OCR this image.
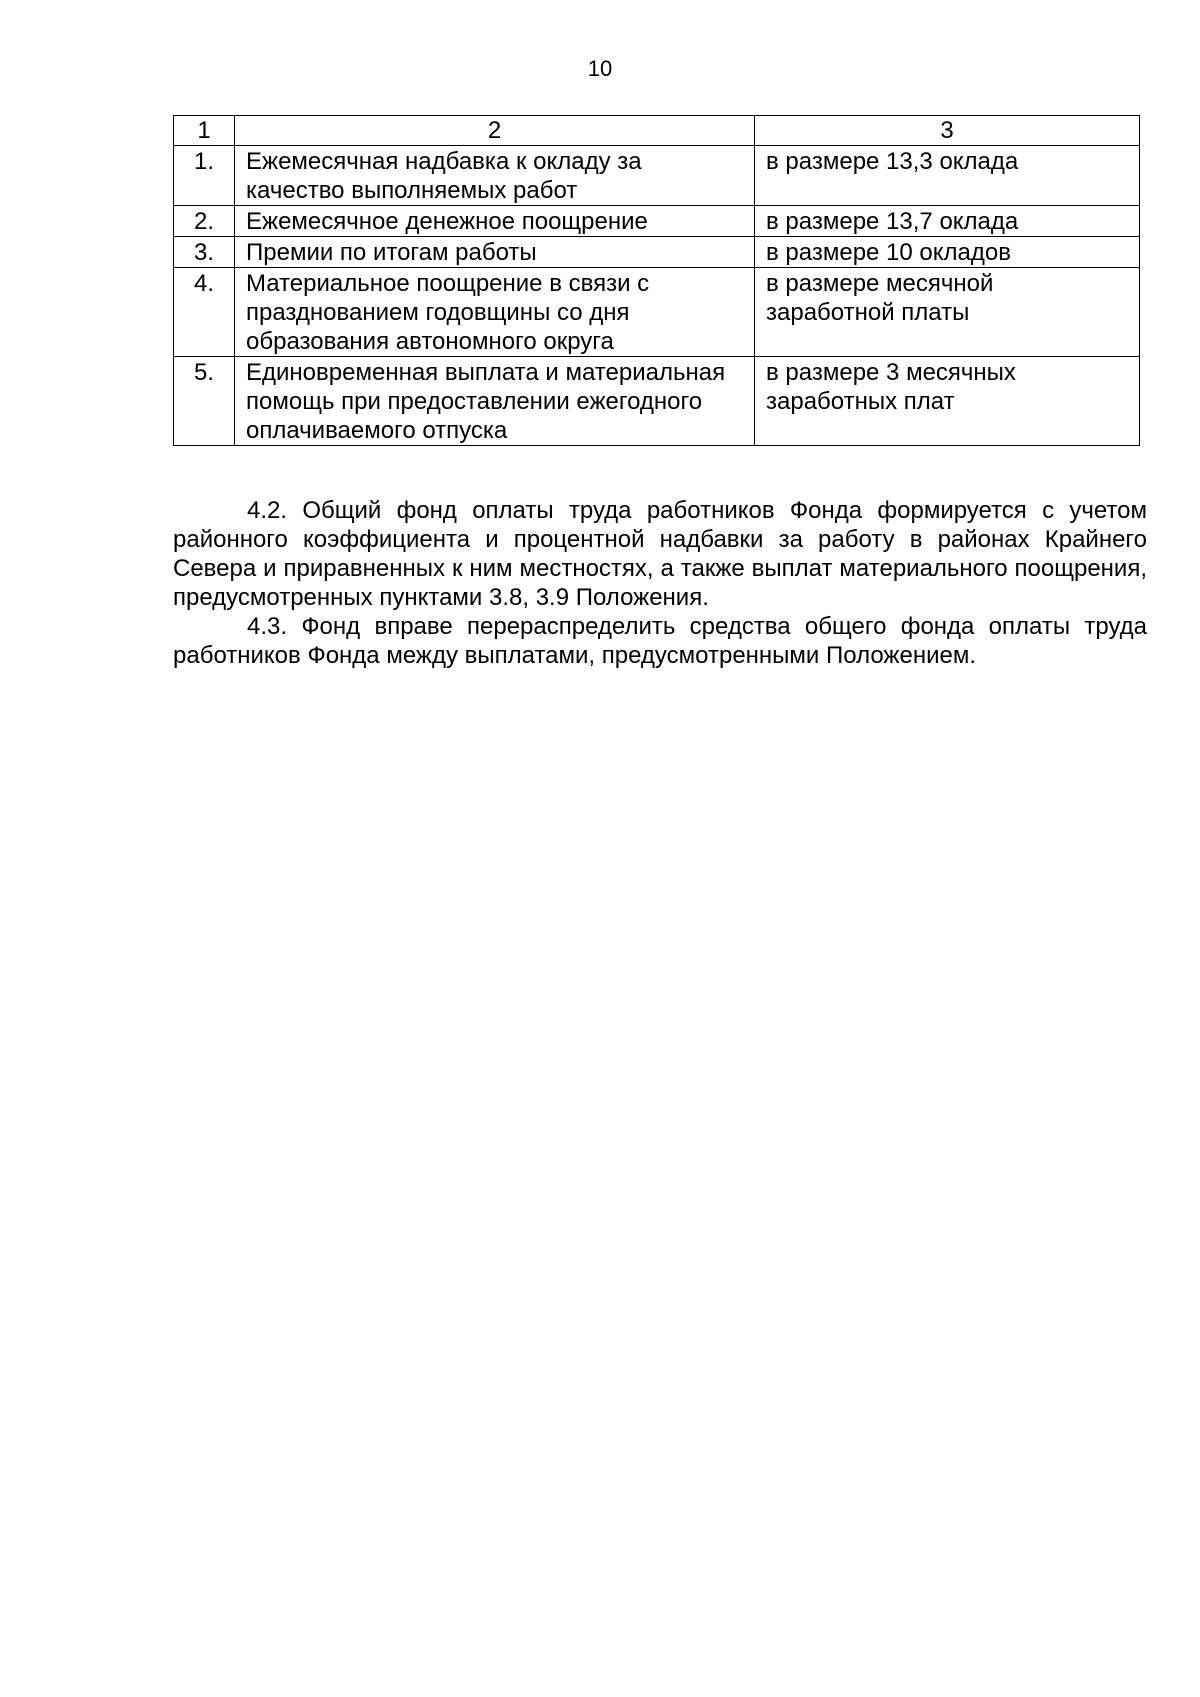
10
1	2	3
1.	Ежемесячная надбавка к окладу за качество выполняемых работ	в размере 13,3 оклада
2.	Ежемесячное денежное поощрение	в размере 13,7 оклада
3.	Премии по итогам работы	в размере 10 окладов
4.	Материальное поощрение в связи с празднованием годовщины со дня образования автономного округа	в размере месячной заработной платы
5.	Единовременная выплата и материальная помощь при предоставлении ежегодного оплачиваемого отпуска	в размере 3 месячных заработных плат

4.2. Общий фонд оплаты труда работников Фонда формируется с учетом районного коэффициента и процентной надбавки за работу в районах Крайнего Севера и приравненных к ним местностях, а также выплат материального поощрения, предусмотренных пунктами 3.8, 3.9 Положения.

4.3. Фонд вправе перераспределить средства общего фонда оплаты труда работников Фонда между выплатами, предусмотренными Положением.
